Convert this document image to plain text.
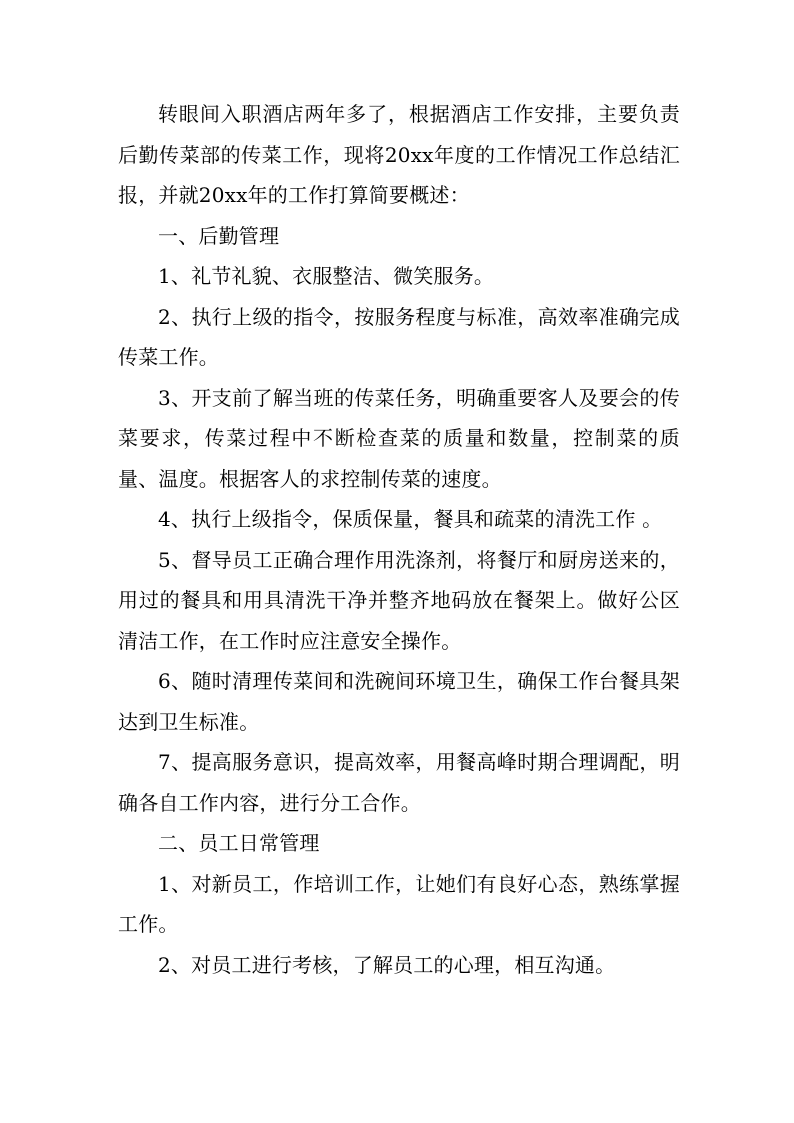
转眼间入职酒店两年多了，根据酒店工作安排，主要负责后勤传菜部的传菜工作，现将20xx年度的工作情况工作总结汇报，并就20xx年的工作打算简要概述：

一、后勤管理

1、礼节礼貌、衣服整洁、微笑服务。

2、执行上级的指令，按服务程度与标准，高效率准确完成传菜工作。

3、开支前了解当班的传菜任务，明确重要客人及要会的传菜要求，传菜过程中不断检查菜的质量和数量，控制菜的质量、温度。根据客人的求控制传菜的速度。

4、执行上级指令，保质保量，餐具和疏菜的清洗工作 。

5、督导员工正确合理作用洗涤剂，将餐厅和厨房送来的，用过的餐具和用具清洗干净并整齐地码放在餐架上。做好公区清洁工作，在工作时应注意安全操作。

6、随时清理传菜间和洗碗间环境卫生，确保工作台餐具架达到卫生标准。

7、提高服务意识，提高效率，用餐高峰时期合理调配，明确各自工作内容，进行分工合作。

二、员工日常管理

1、对新员工，作培训工作，让她们有良好心态，熟练掌握工作。

2、对员工进行考核，了解员工的心理，相互沟通。
